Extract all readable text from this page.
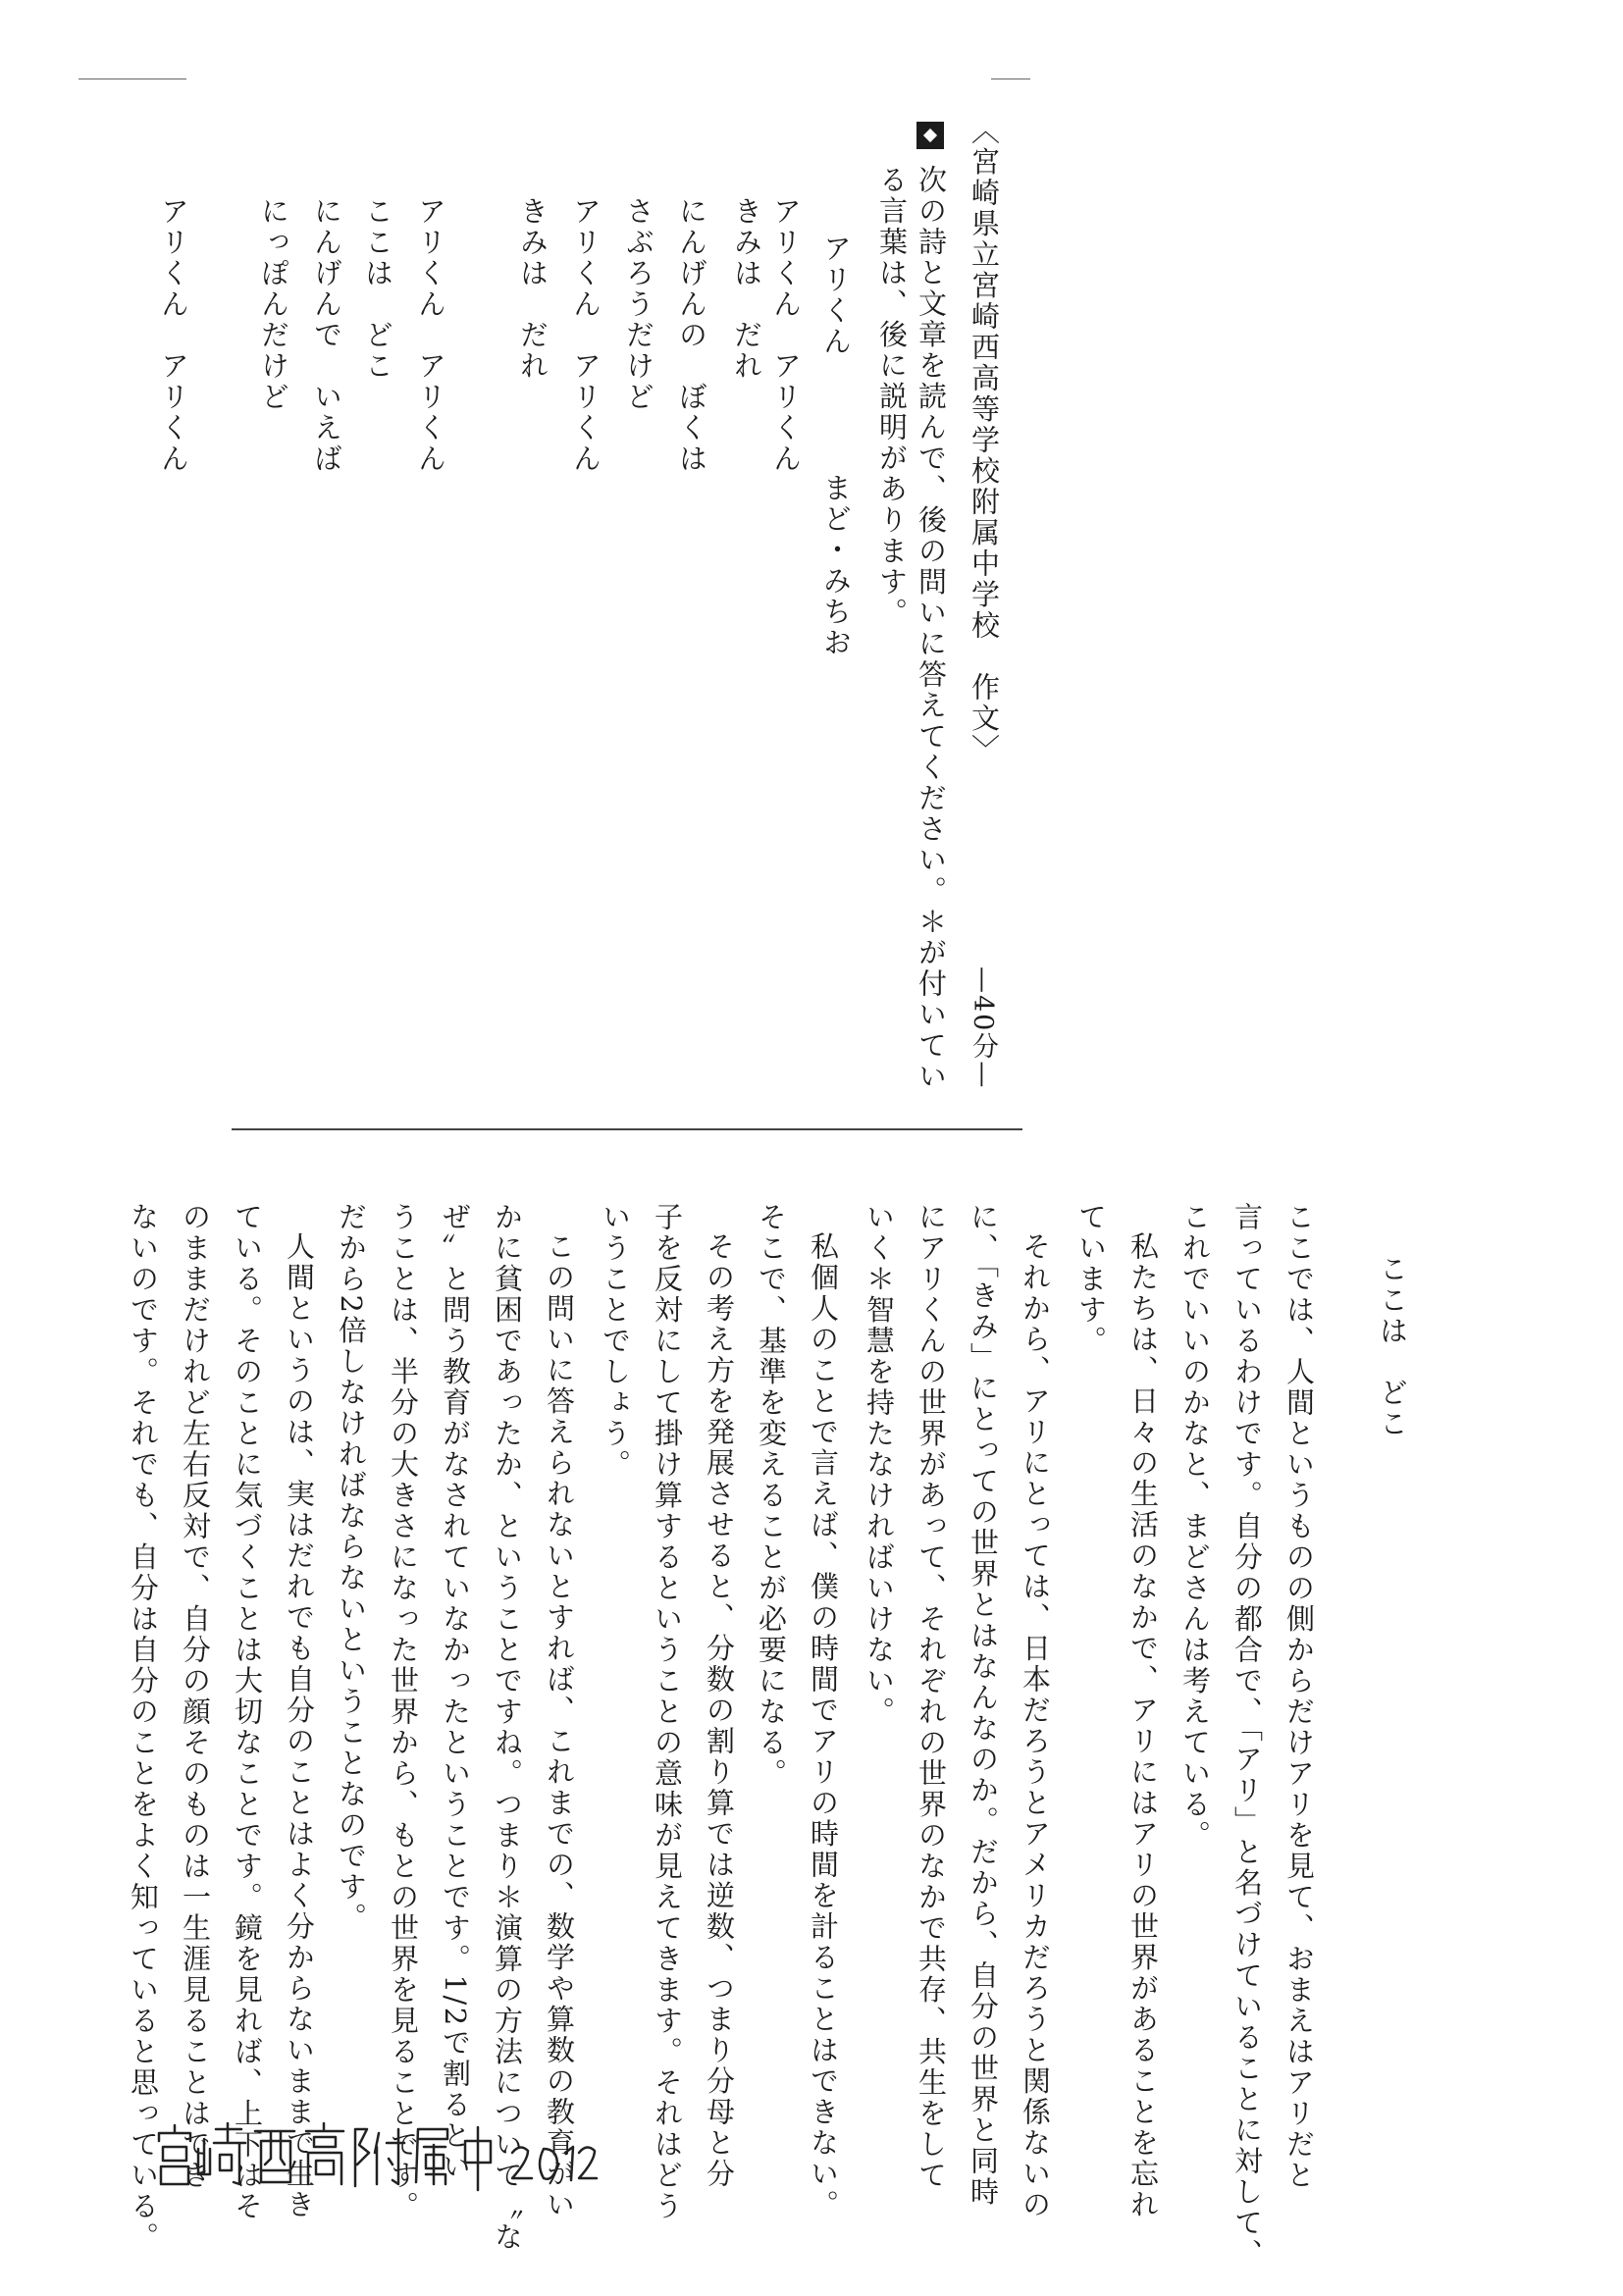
〈宮崎県立宮崎西高等学校附属中学校　作文〉
—40分—
次の詩と文章を読んで、後の問いに答えてください。＊が付いてい
る言葉は、後に説明があります。
アリくん
まど・みちお
アリくん　アリくん
きみは　だれ
にんげんの　ぼくは
さぶろうだけど
アリくん　アリくん
きみは　だれ
アリくん　アリくん
ここは　どこ
にんげんで　いえば
にっぽんだけど
アリくん　アリくん
ここは　どこ
ここでは、人間というものの側からだけアリを見て、おまえはアリだと
言っているわけです。自分の都合で、「アリ」と名づけていることに対して、
これでいいのかなと、まどさんは考えている。
私たちは、日々の生活のなかで、アリにはアリの世界があることを忘れ
ています。
それから、アリにとっては、日本だろうとアメリカだろうと関係ないの
に、「きみ」にとっての世界とはなんなのか。だから、自分の世界と同時
にアリくんの世界があって、それぞれの世界のなかで共存、共生をして
いく＊智慧を持たなければいけない。
私個人のことで言えば、僕の時間でアリの時間を計ることはできない。
そこで、基準を変えることが必要になる。
その考え方を発展させると、分数の割り算では逆数、つまり分母と分
子を反対にして掛け算するということの意味が見えてきます。それはどう
いうことでしょう。
この問いに答えられないとすれば、これまでの、数学や算数の教育がい
かに貧困であったか、ということですね。つまり＊演算の方法について〝な
ぜ〟と問う教育がなされていなかったということです。1/2で割るとい
うことは、半分の大きさになった世界から、もとの世界を見ることです。
だから2倍しなければならないということなのです。
人間というのは、実はだれでも自分のことはよく分からないままで生き
ている。そのことに気づくことは大切なことです。鏡を見れば、上下はそ
のままだけれど左右反対で、自分の顔そのものは一生涯見ることはでき
ないのです。それでも、自分は自分のことをよく知っていると思っている。
